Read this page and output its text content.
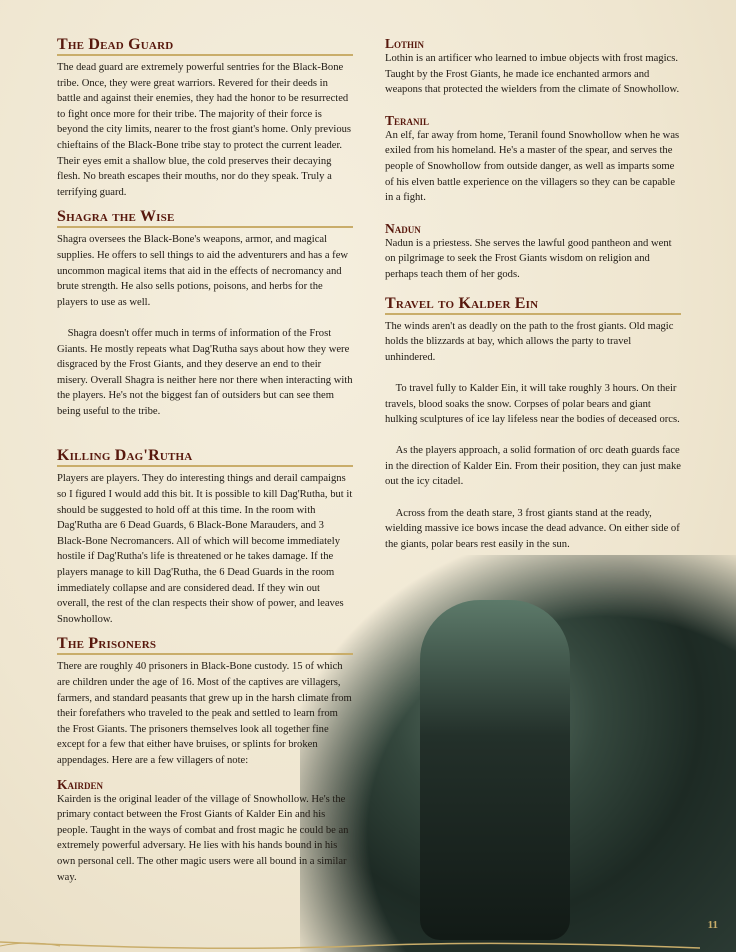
The Dead Guard

The dead guard are extremely powerful sentries for the Black-Bone tribe. Once, they were great warriors. Revered for their deeds in battle and against their enemies, they had the honor to be resurrected to fight once more for their tribe. The majority of their force is beyond the city limits, nearer to the frost giant's home. Only previous chieftains of the Black-Bone tribe stay to protect the current leader. Their eyes emit a shallow blue, the cold preserves their decaying flesh. No breath escapes their mouths, nor do they speak. Truly a terrifying guard.

Shagra the Wise

Shagra oversees the Black-Bone's weapons, armor, and magical supplies. He offers to sell things to aid the adventurers and has a few uncommon magical items that aid in the effects of necromancy and brute strength. He also sells potions, poisons, and herbs for the players to use as well.

Shagra doesn't offer much in terms of information of the Frost Giants. He mostly repeats what Dag'Rutha says about how they were disgraced by the Frost Giants, and they deserve an end to their misery. Overall Shagra is neither here nor there when interacting with the players. He's not the biggest fan of outsiders but can see them being useful to the tribe.

Killing Dag'Rutha

Players are players. They do interesting things and derail campaigns so I figured I would add this bit. It is possible to kill Dag'Rutha, but it should be suggested to hold off at this time. In the room with Dag'Rutha are 6 Dead Guards, 6 Black-Bone Marauders, and 3 Black-Bone Necromancers. All of which will become immediately hostile if Dag'Rutha's life is threatened or he takes damage. If the players manage to kill Dag'Rutha, the 6 Dead Guards in the room immediately collapse and are considered dead. If they win out overall, the rest of the clan respects their show of power, and leaves Snowhollow.

The Prisoners

There are roughly 40 prisoners in Black-Bone custody. 15 of which are children under the age of 16. Most of the captives are villagers, farmers, and standard peasants that grew up in the harsh climate from their forefathers who traveled to the peak and settled to learn from the Frost Giants. The prisoners themselves look all together fine except for a few that either have bruises, or splints for broken appendages. Here are a few villagers of note:

Kairden

Kairden is the original leader of the village of Snowhollow. He's the primary contact between the Frost Giants of Kalder Ein and his people. Taught in the ways of combat and frost magic he could be an extremely powerful adversary. He lies with his hands bound in his own personal cell. The other magic users were all bound in a similar way.

Lothin

Lothin is an artificer who learned to imbue objects with frost magics. Taught by the Frost Giants, he made ice enchanted armors and weapons that protected the wielders from the climate of Snowhollow.

Teranil

An elf, far away from home, Teranil found Snowhollow when he was exiled from his homeland. He's a master of the spear, and serves the people of Snowhollow from outside danger, as well as imparts some of his elven battle experience on the villagers so they can be capable in a fight.

Nadun

Nadun is a priestess. She serves the lawful good pantheon and went on pilgrimage to seek the Frost Giants wisdom on religion and perhaps teach them of her gods.

Travel to Kalder Ein

The winds aren't as deadly on the path to the frost giants. Old magic holds the blizzards at bay, which allows the party to travel unhindered.

To travel fully to Kalder Ein, it will take roughly 3 hours. On their travels, blood soaks the snow. Corpses of polar bears and giant hulking sculptures of ice lay lifeless near the bodies of deceased orcs.

As the players approach, a solid formation of orc death guards face in the direction of Kalder Ein. From their position, they can just make out the icy citadel.

Across from the death stare, 3 frost giants stand at the ready, wielding massive ice bows incase the dead advance. On either side of the giants, polar bears rest easily in the sun.

11
